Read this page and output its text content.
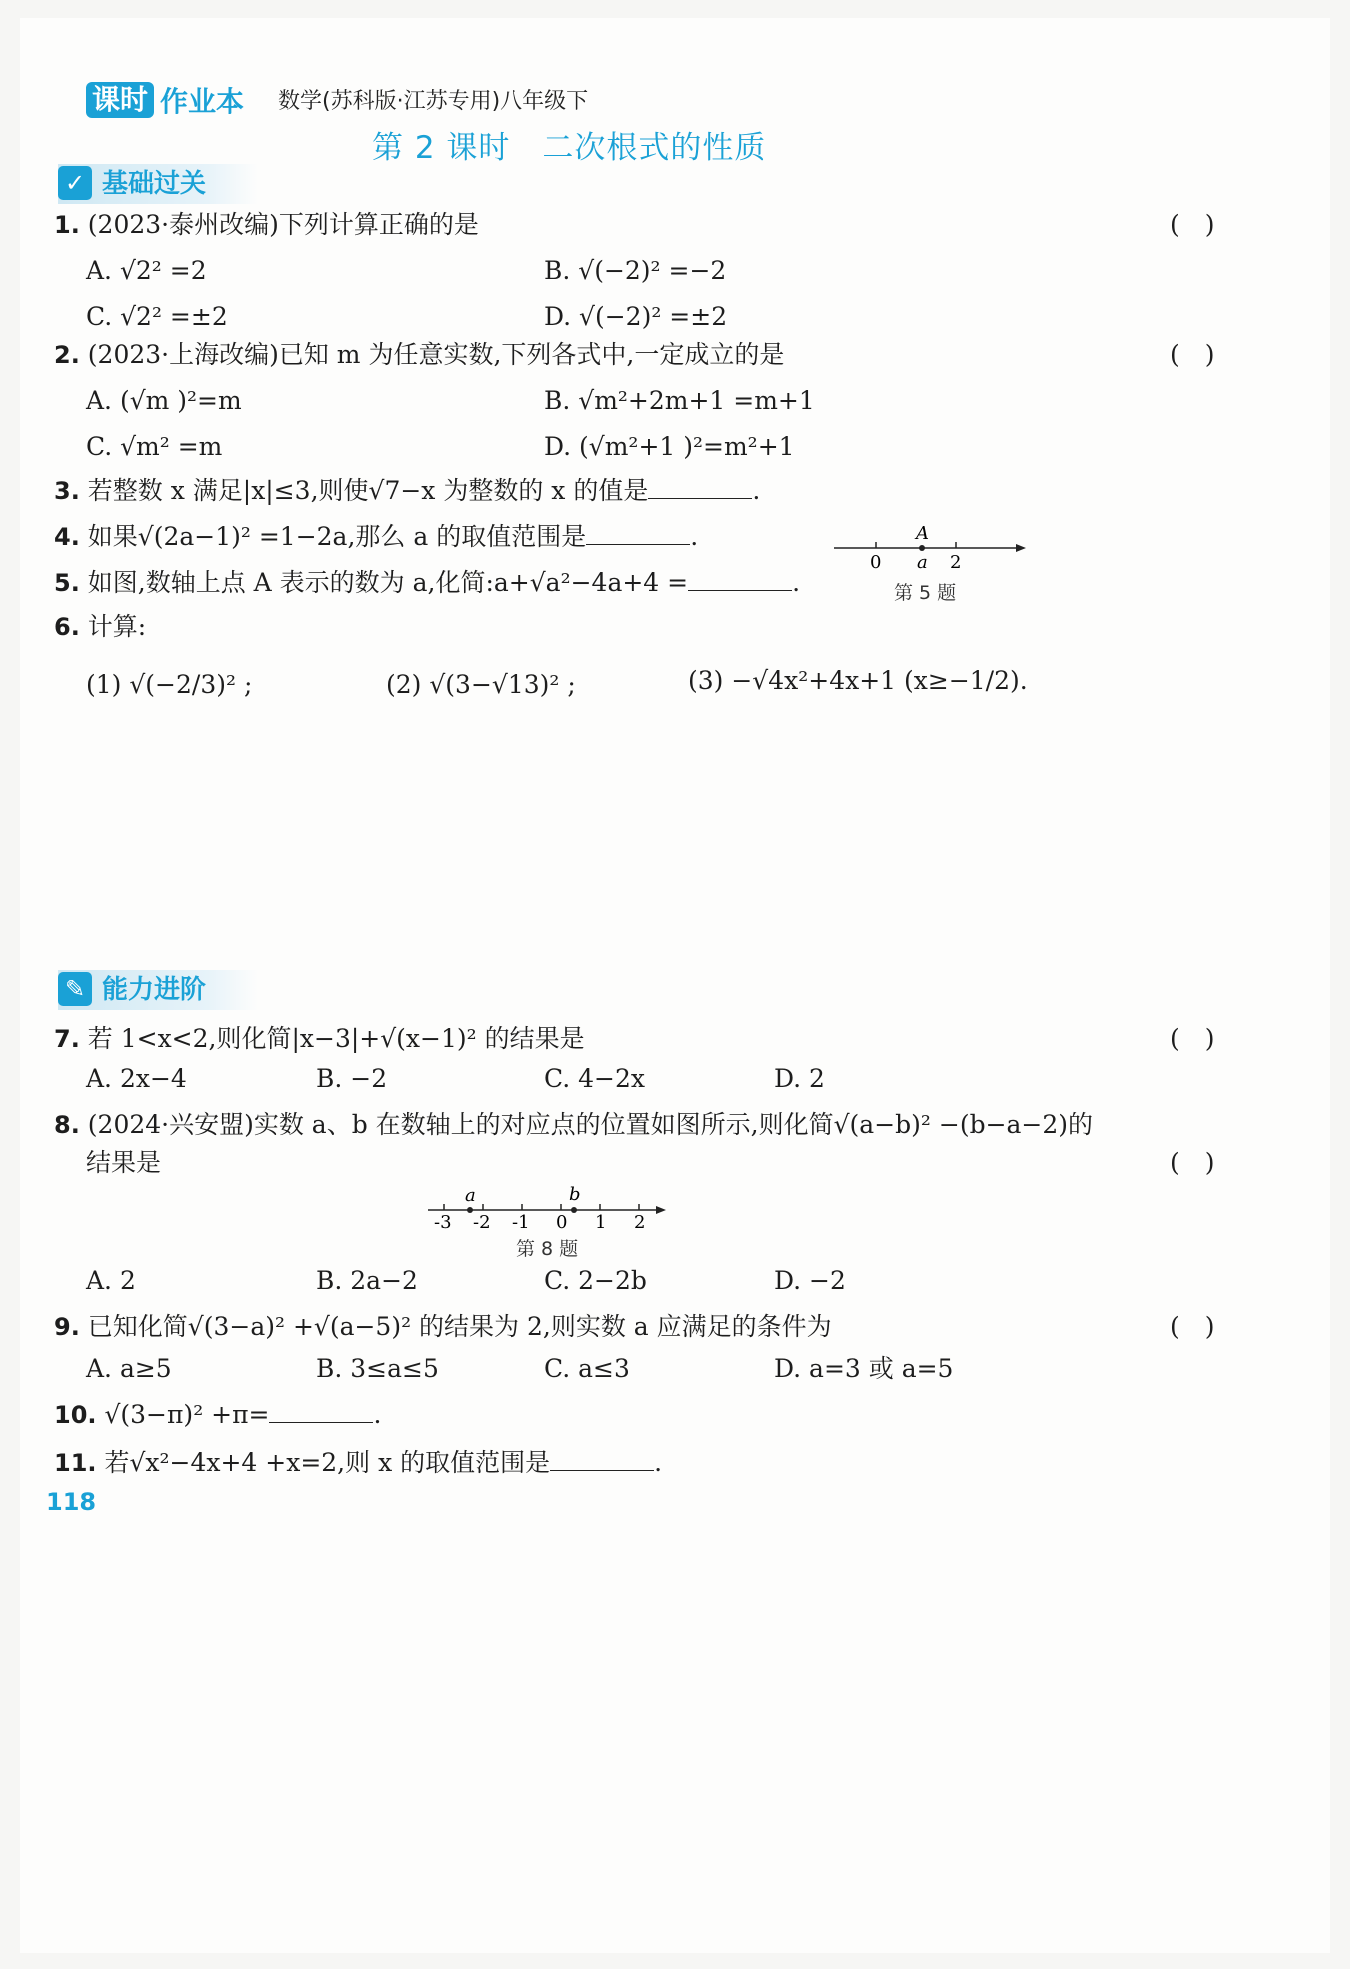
课时 作业本 数学(苏科版·江苏专用)八年级下
第 2 课时　二次根式的性质
✓ 基础过关
1. (2023·泰州改编)下列计算正确的是	(　)
A. √2² =2	B. √(−2)² =−2
C. √2² =±2	D. √(−2)² =±2
2. (2023·上海改编)已知 m 为任意实数,下列各式中,一定成立的是	(　)
A. (√m )²=m	B. √m²+2m+1 =m+1
C. √m² =m	D. (√m²+1 )²=m²+1
3. 若整数 x 满足|x|≤3,则使√7−x 为整数的 x 的值是	.
4. 如果√(2a−1)² =1−2a,那么 a 的取值范围是	.	A
0 a 2
第 5 题
5. 如图,数轴上点 A 表示的数为 a,化简:a+√a²−4a+4 =	.
6. 计算:
(1) √(−2/3)² ;	(2) √(3−√13)² ;	(3) −√4x²+4x+1 (x≥−1/2).
✎ 能力进阶
7. 若 1<x<2,则化简|x−3|+√(x−1)² 的结果是	(　)
A. 2x−4	B. −2	C. 4−2x	D. 2
8. (2024·兴安盟)实数 a、b 在数轴上的对应点的位置如图所示,则化简√(a−b)² −(b−a−2)的
结果是	(　)
-3 -2 -1 0 1 2
a	b
第 8 题
A. 2	B. 2a−2	C. 2−2b	D. −2
9. 已知化简√(3−a)² +√(a−5)² 的结果为 2,则实数 a 应满足的条件为	(　)
A. a≥5	B. 3≤a≤5	C. a≤3	D. a=3 或 a=5
10. √(3−π)² +π=	.
11. 若√x²−4x+4 +x=2,则 x 的取值范围是	.
118
